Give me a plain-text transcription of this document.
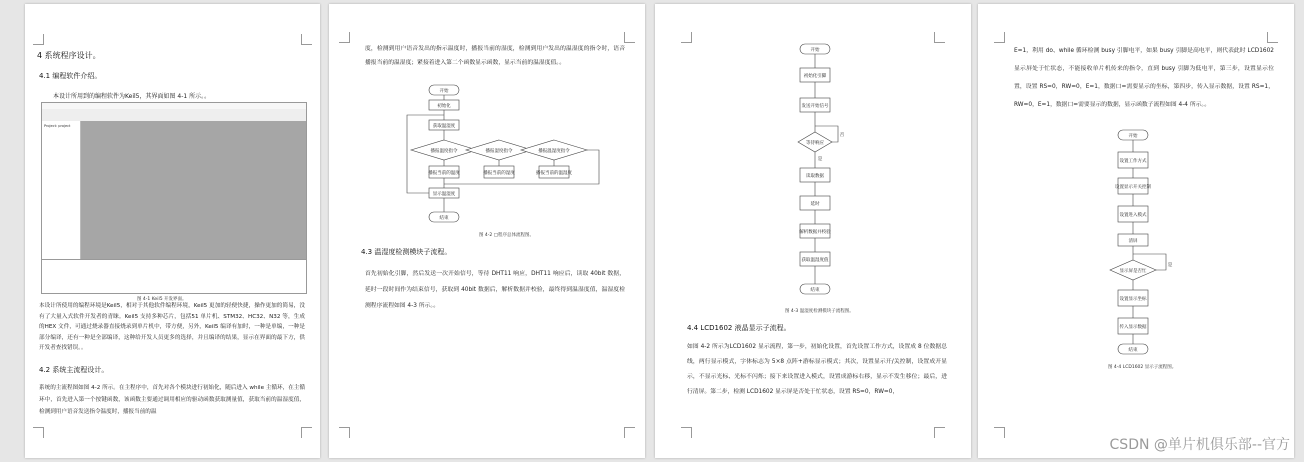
4 系统程序设计。
4.1 编程软件介绍。
本设计所用到的编程软件为Keil5，其界面如图 4-1 所示。。
Project: project
图 4-1 Keil5 开发界面。
本设计所使用的编程环境是Keil5，相对于其他软件编程环境，Keil5 更加的轻便快捷，操作更加的简易，没有了大量入式软件开发者的青睐。Keil5 支持多种芯片，包括51 单片机、STM32、HC32、N32 等，生成的HEX 文件，可通过烧录器直接烧录到单片机中，带方便，另外，Keil5 编译有加时，一种是单编，一种是部分编译，还有一种是全部编译，这种给开发人员更多的选择，并且编译的结果，显示在界面的最下方，供开发者查找错误。。
4.2 系统主流程设计。
系统的主流程图如图 4-2 所示。在主程序中，首先对各个模块进行初始化，随后进入 while 主循环，在主循环中，首先进入第一个按键函数，该函数主要通过调用相应的驱动函数获取测量值，获取当前的温湿度值，检测到用户语音发送指令温度时，播报当前的温
度，检测到用户语音发出的指示温度时，播报当前的湿度，检测到用户发出的温湿度的指令时，语音播报当前的温湿度；紧接着进入第二个函数显示函数，显示当前的温湿度值。。
开始
初始化
获取温湿度
播报温度指令	播报湿度指令	播报温湿度指令
播报当前的温度	播报当前的湿度	播报当前的温湿度
显示温湿度
结束
图 4-2 □程序总体流程图。
4.3 温湿度检测模块子流程。
首先初始化引脚，然后发送一次开始信号，等待 DHT11 响应，DHT11 响应后，读取 40bit 数据，延时一段时间作为结束信号，获取到 40bit 数据后，解析数据并校验，最终得到温湿度值，温湿度检测程序流程如图 4-3 所示。。
开始
初始化引脚
发送开始信号
等待响应
否
是
读取数据
延时
解析数据并校验
获取温湿度值
结束
图 4-3 温湿度检测模块子流程图。
4.4 LCD1602 液晶显示子流程。
如图 4-2 所示为LCD1602 显示流程，第一步，初始化设置，首先设置工作方式，设置成 8 位数据总线，两行显示模式，字体标志为 5×8 点阵+游标显示模式；其次，设置显示开/关控制，设置成开显示，不显示光标、光标不闪烁；接下来设置进入模式，设置成游标右移，显示不发生移位；最后，进行清屏。第二步，检测 LCD1602 显示屏是否处于忙状态，设置 RS=0，RW=0，
E=1，利用 do、while 循环检测 busy 引脚电平，如果 busy 引脚是高电平，则代表此时 LCD1602 显示屏处于忙状态，不能接收单片机传来的指令，直到 busy 引脚为低电平，第三步，设置显示位置，设置 RS=0，RW=0，E=1，数据口=需要显示的坐标，第四步，传入显示数据，设置 RS=1，RW=0，E=1，数据口=需要显示的数据，显示函数子流程如图 4-4 所示。。
开始
设置工作方式
设置显示开关控制
设置进入模式
清屏
显示屏是否忙
是
设置显示坐标
传入显示数据
结束
图 4-4 LCD1602 显示子流程图。
CSDN @单片机俱乐部--官方
